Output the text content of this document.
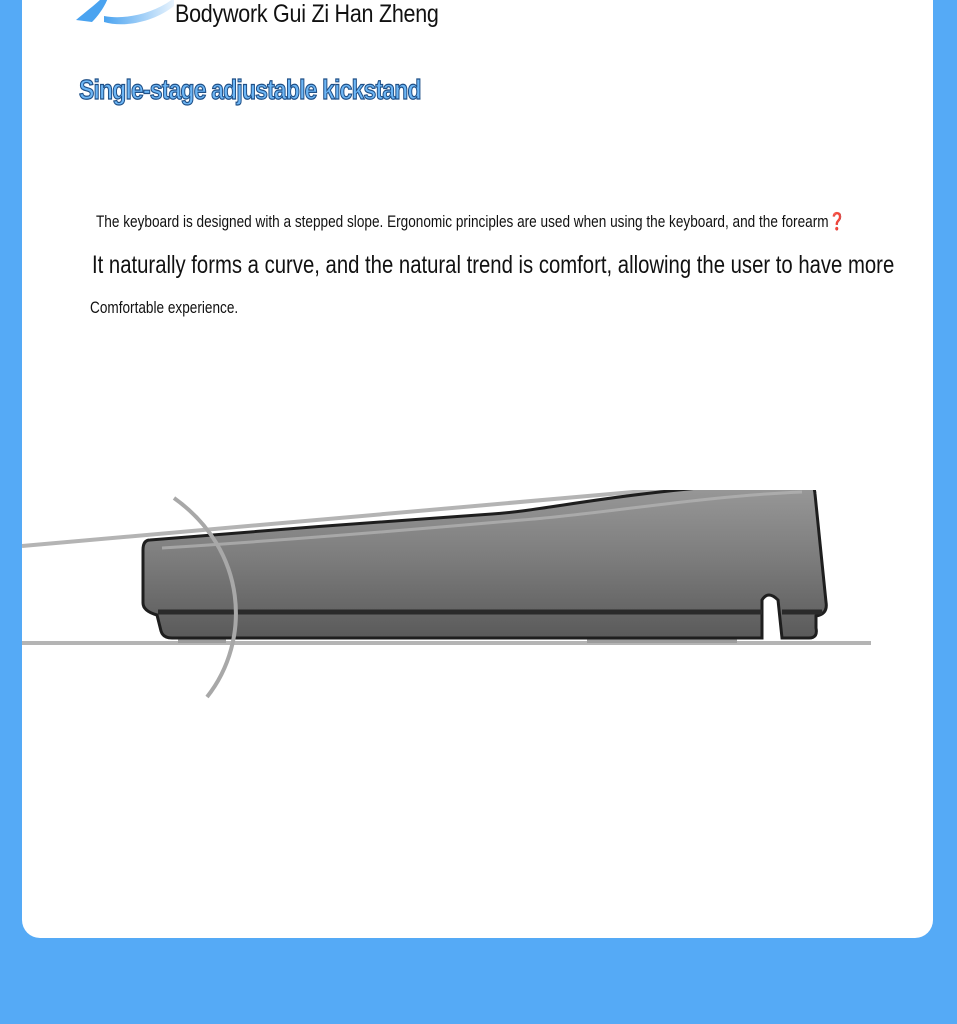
Bodywork Gui Zi Han Zheng
Single-stage adjustable kickstand
The keyboard is designed with a stepped slope. Ergonomic principles are used when using the keyboard, and the forearm❓
It naturally forms a curve, and the natural trend is comfort, allowing the user to have more
Comfortable experience.
